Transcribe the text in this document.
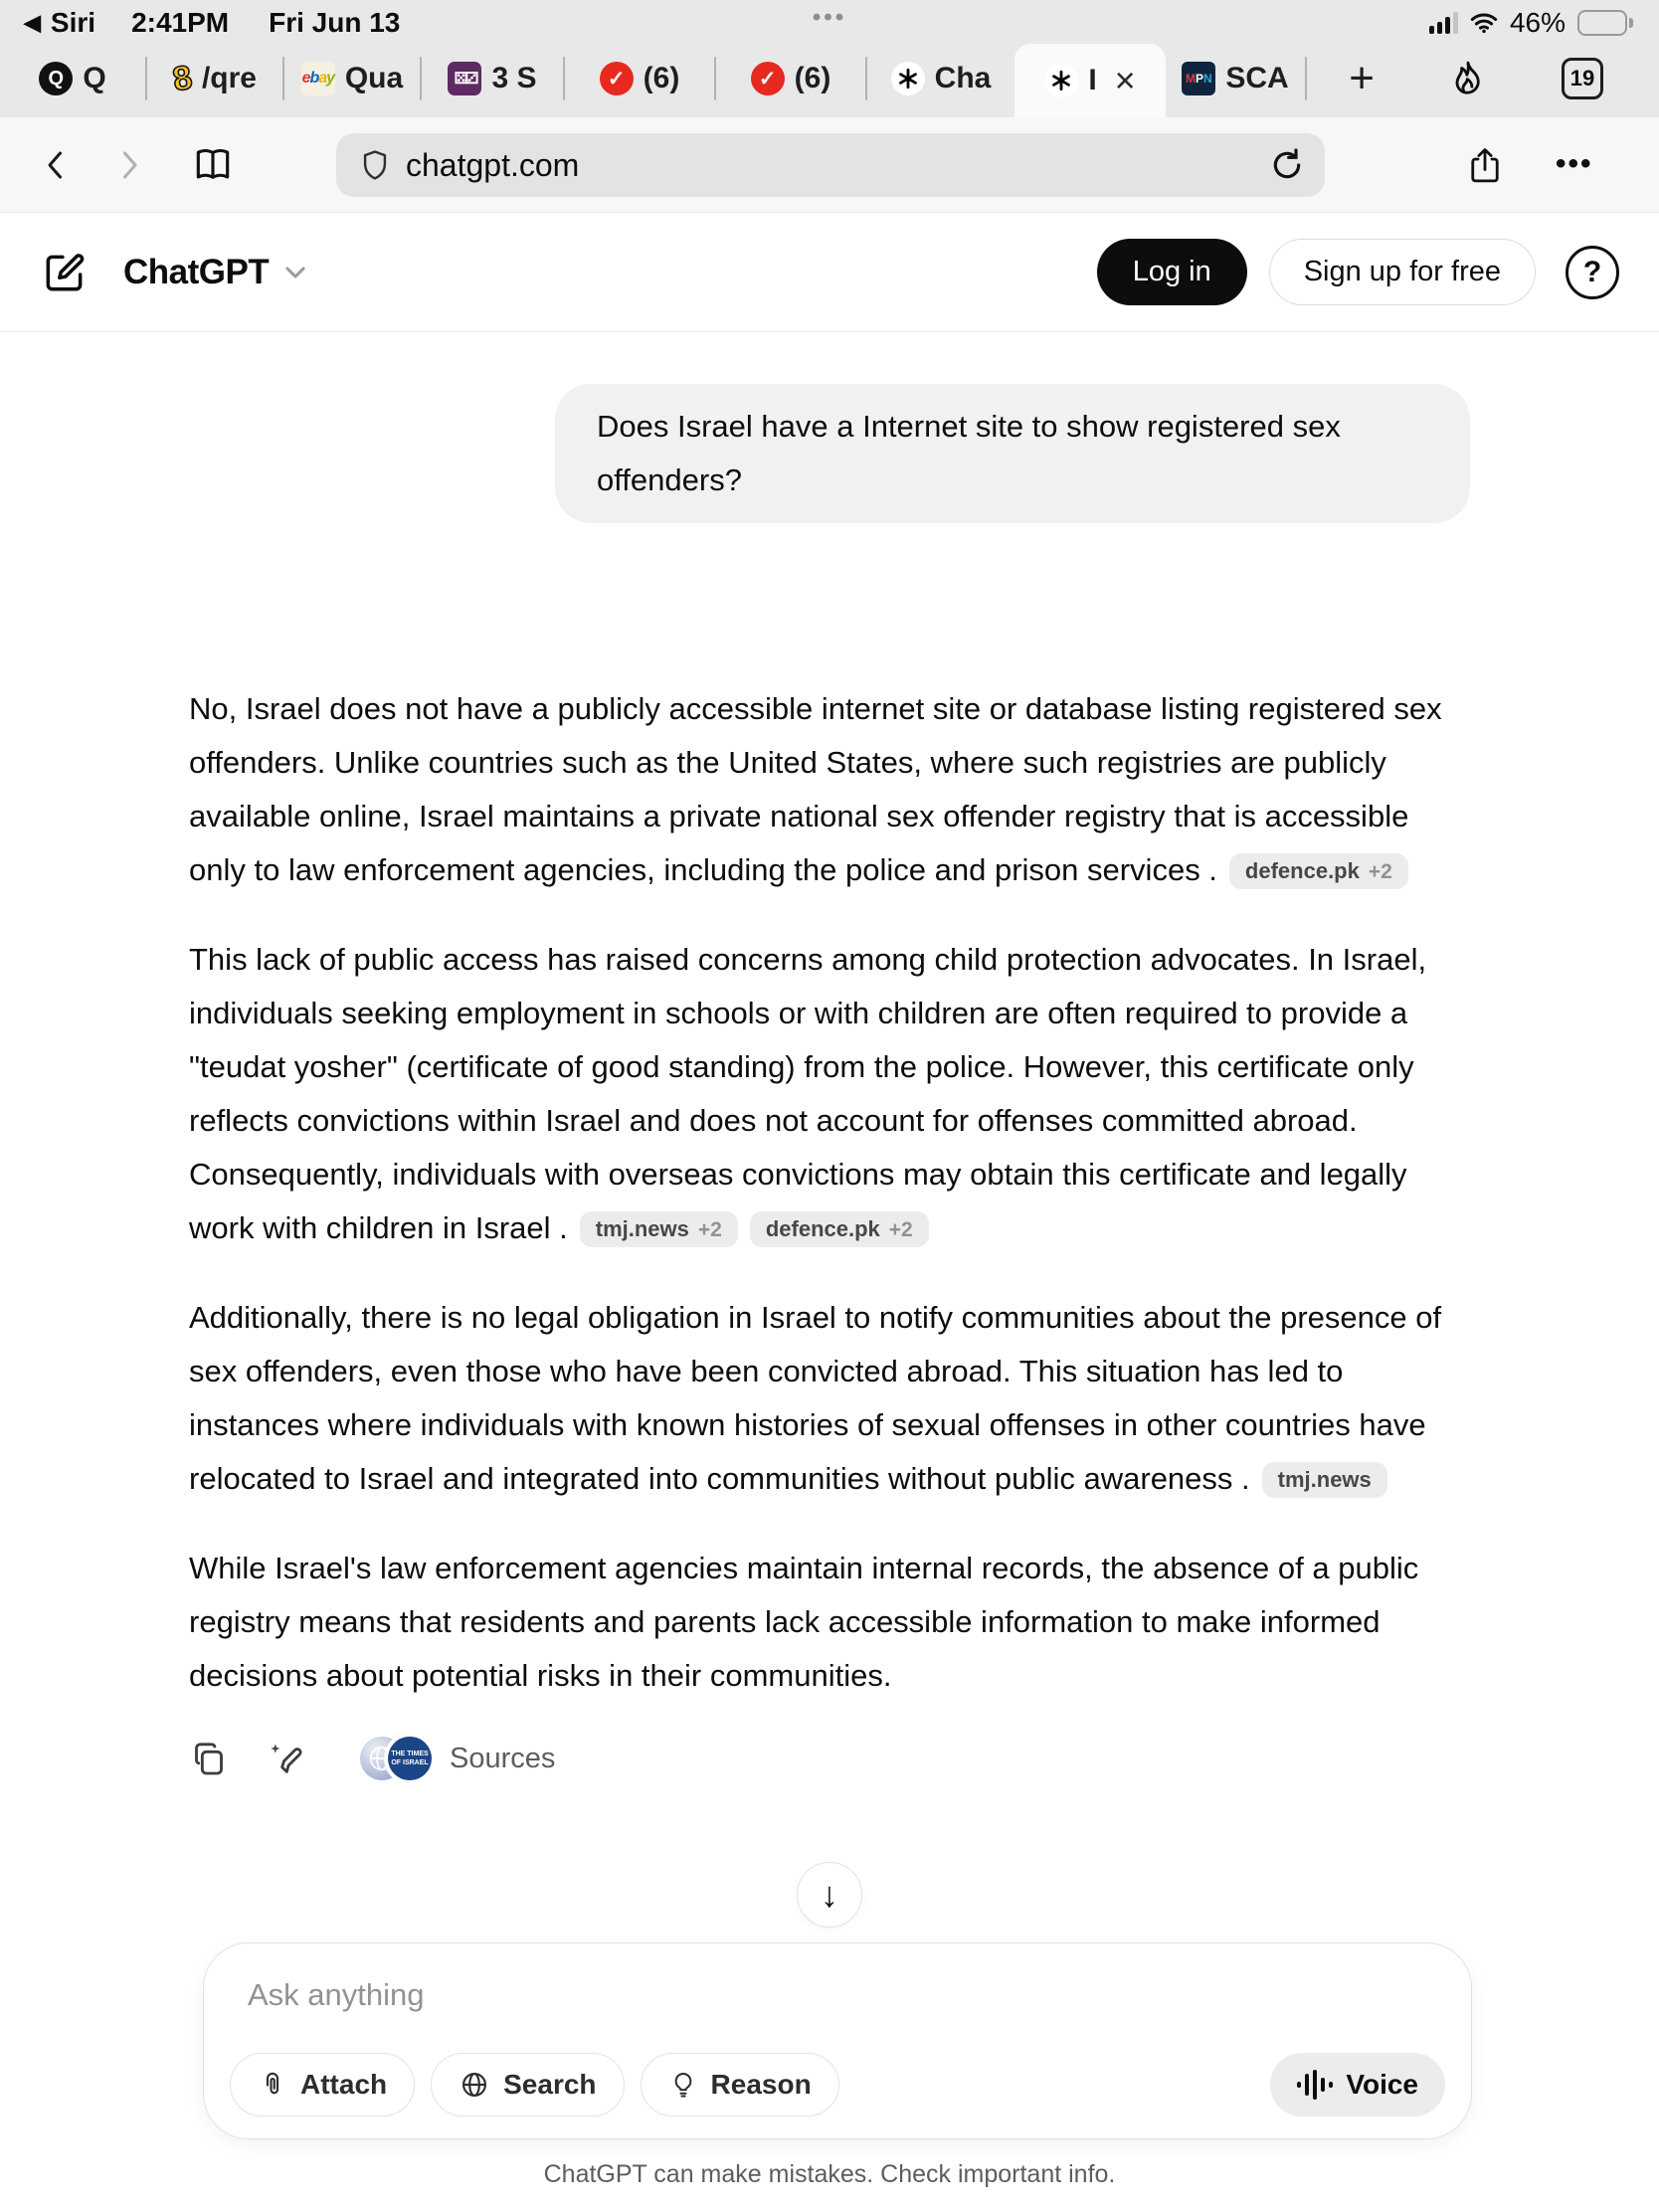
◀ Siri 2:41PM Fri Jun 13	•••	46%
Q Q 8 /qre	e b a y Qua	⚄⚂ 3 S	✓ (6)	✓ (6)	Cha	I ×	M P N SCA +	19
chatgpt.com	•••
ChatGPT	Log in	Sign up for free	?
Does Israel have a Internet site to show registered sex offenders?

No, Israel does not have a publicly accessible internet site or database listing registered sex offenders. Unlike countries such as the United States, where such registries are publicly available online, Israel maintains a private national sex offender registry that is accessible only to law enforcement agencies, including the police and prison services . defence.pk +2

This lack of public access has raised concerns among child protection advocates. In Israel, individuals seeking employment in schools or with children are often required to provide a "teudat yosher" (certificate of good standing) from the police. However, this certificate only reflects convictions within Israel and does not account for offenses committed abroad. Consequently, individuals with overseas convictions may obtain this certificate and legally work with children in Israel . tmj.news +2 defence.pk +2

Additionally, there is no legal obligation in Israel to notify communities about the presence of sex offenders, even those who have been convicted abroad. This situation has led to instances where individuals with known histories of sexual offenses in other countries have relocated to Israel and integrated into communities without public awareness . tmj.news

While Israel's law enforcement agencies maintain internal records, the absence of a public registry means that residents and parents lack accessible information to make informed decisions about potential risks in their communities.

THE TIMES
OF ISRAEL Sources
↓
Ask anything
Attach	Search	Reason	Voice
ChatGPT can make mistakes. Check important info.
